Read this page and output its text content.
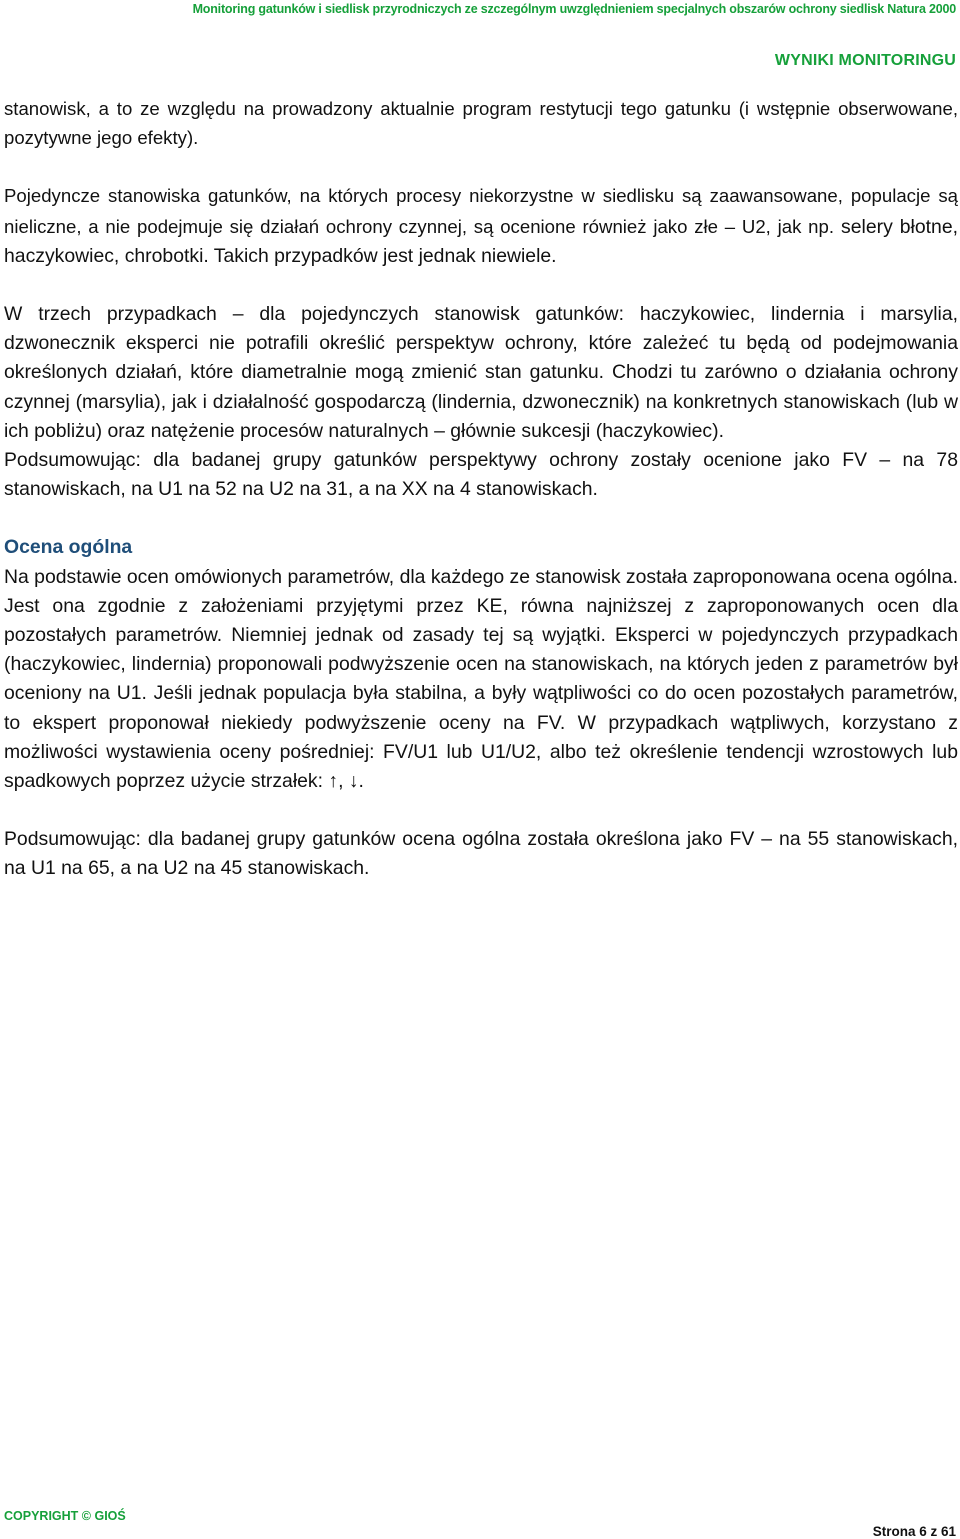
Monitoring gatunków i siedlisk przyrodniczych ze szczególnym uwzględnieniem specjalnych obszarów ochrony siedlisk Natura 2000
WYNIKI MONITORINGU

stanowisk, a to ze względu na prowadzony aktualnie program restytucji tego gatunku (i wstępnie obserwowane, pozytywne jego efekty).

Pojedyncze stanowiska gatunków, na których procesy niekorzystne w siedlisku są zaawansowane, populacje są nieliczne, a nie podejmuje się działań ochrony czynnej, są ocenione również jako złe – U2, jak np. selery błotne, haczykowiec, chrobotki. Takich przypadków jest jednak niewiele.

W trzech przypadkach – dla pojedynczych stanowisk gatunków: haczykowiec, lindernia i marsylia, dzwonecznik eksperci nie potrafili określić perspektyw ochrony, które zależeć tu będą od podejmowania określonych działań, które diametralnie mogą zmienić stan gatunku. Chodzi tu zarówno o działania ochrony czynnej (marsylia), jak i działalność gospodarczą (lindernia, dzwonecznik) na konkretnych stanowiskach (lub w ich pobliżu) oraz natężenie procesów naturalnych – głównie sukcesji (haczykowiec).

Podsumowując: dla badanej grupy gatunków perspektywy ochrony zostały ocenione jako FV – na 78 stanowiskach, na U1 na 52 na U2 na 31, a na XX na 4 stanowiskach.

Ocena ogólna

Na podstawie ocen omówionych parametrów, dla każdego ze stanowisk została zaproponowana ocena ogólna. Jest ona zgodnie z założeniami przyjętymi przez KE, równa najniższej z zaproponowanych ocen dla pozostałych parametrów. Niemniej jednak od zasady tej są wyjątki. Eksperci w pojedynczych przypadkach (haczykowiec, lindernia) proponowali podwyższenie ocen na stanowiskach, na których jeden z parametrów był oceniony na U1. Jeśli jednak populacja była stabilna, a były wątpliwości co do ocen pozostałych parametrów, to ekspert proponował niekiedy podwyższenie oceny na FV. W przypadkach wątpliwych, korzystano z możliwości wystawienia oceny pośredniej: FV/U1 lub U1/U2, albo też określenie tendencji wzrostowych lub spadkowych poprzez użycie strzałek: ↑, ↓.

Podsumowując: dla badanej grupy gatunków ocena ogólna została określona jako FV – na 55 stanowiskach, na U1 na 65, a na U2 na 45 stanowiskach.

COPYRIGHT © GIOŚ
Strona 6 z 61
